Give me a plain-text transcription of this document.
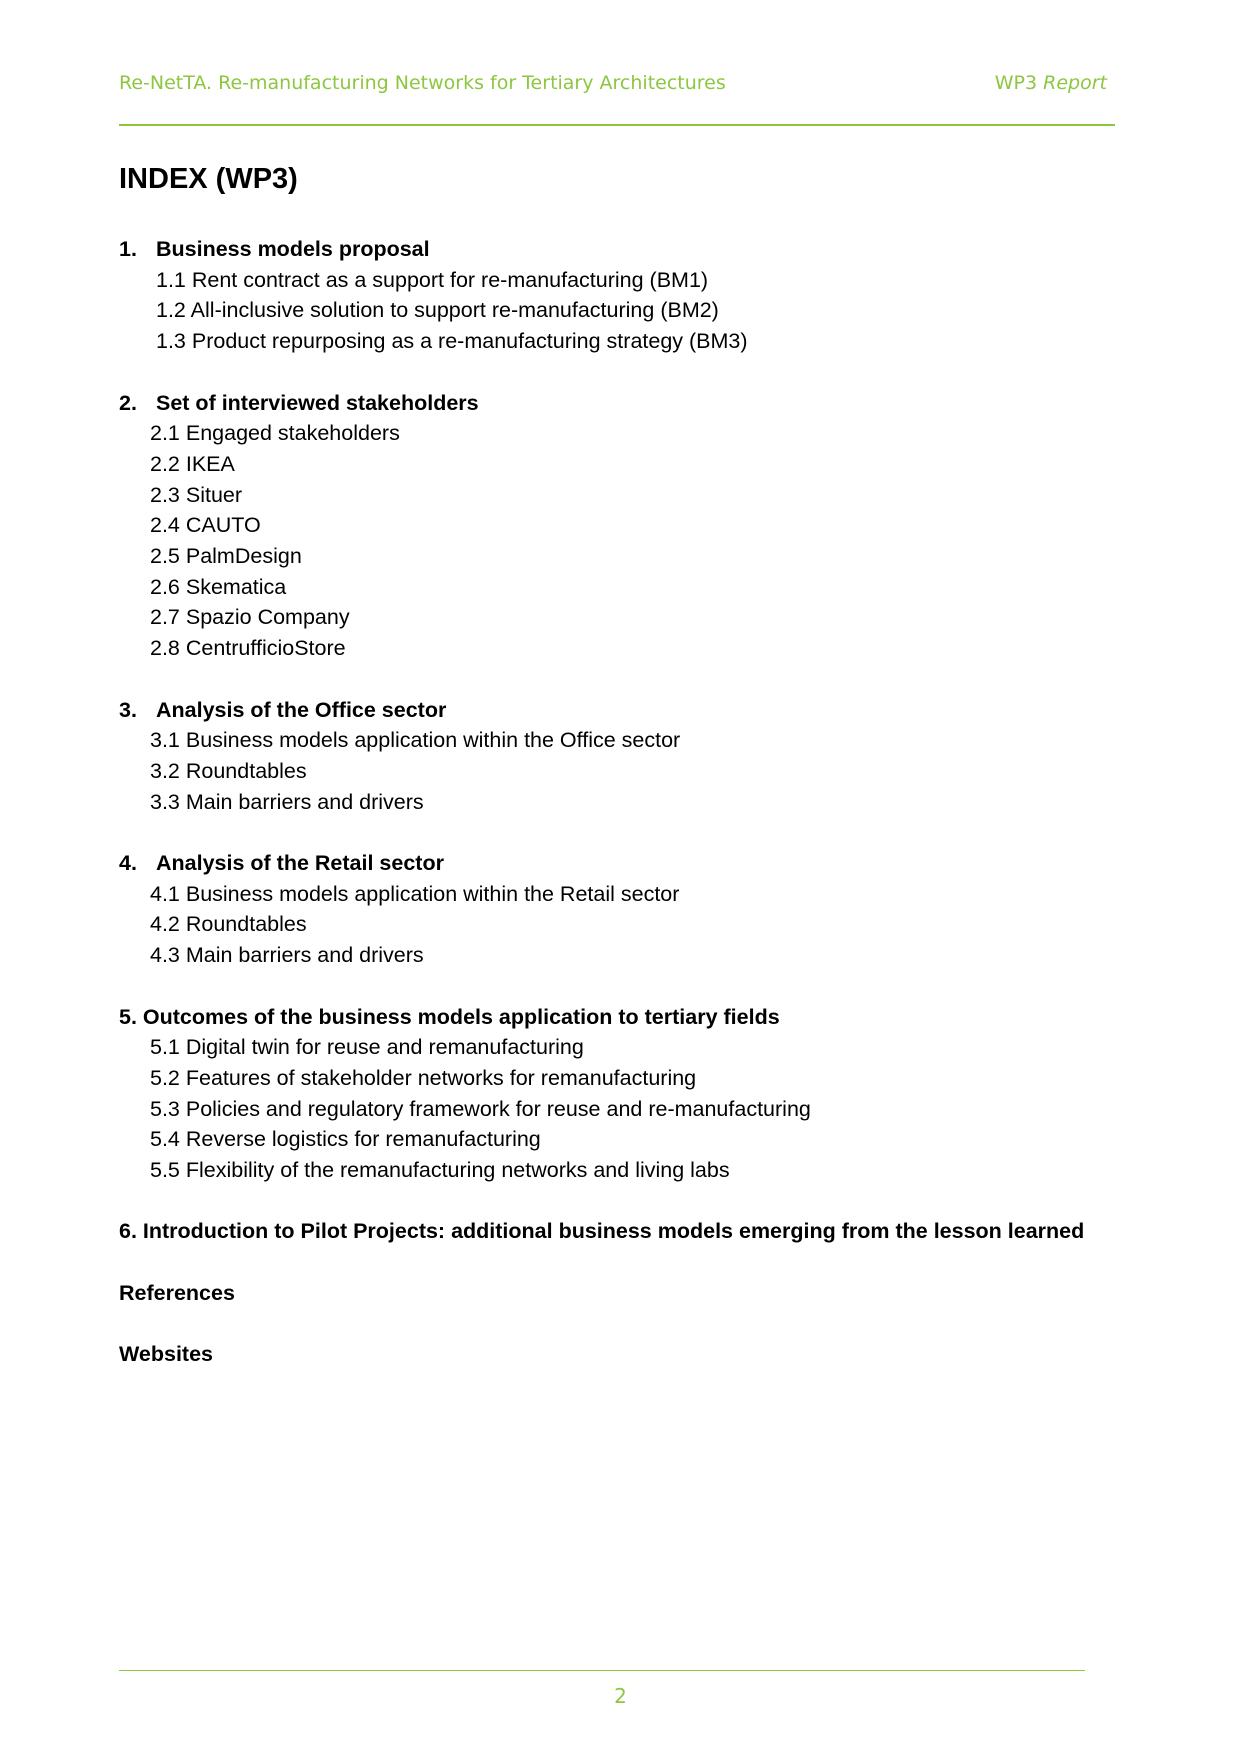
Re-NetTA. Re-manufacturing Networks for Tertiary Architectures	WP3 Report
INDEX (WP3)
1. Business models proposal
1.1 Rent contract as a support for re-manufacturing (BM1)
1.2 All-inclusive solution to support re-manufacturing (BM2)
1.3 Product repurposing as a re-manufacturing strategy (BM3)
2. Set of interviewed stakeholders
2.1 Engaged stakeholders
2.2 IKEA
2.3 Situer
2.4 CAUTO
2.5 PalmDesign
2.6 Skematica
2.7 Spazio Company
2.8 CentrufficioStore
3. Analysis of the Office sector
3.1 Business models application within the Office sector
3.2 Roundtables
3.3 Main barriers and drivers
4. Analysis of the Retail sector
4.1 Business models application within the Retail sector
4.2 Roundtables
4.3 Main barriers and drivers
5. Outcomes of the business models application to tertiary fields
5.1 Digital twin for reuse and remanufacturing
5.2 Features of stakeholder networks for remanufacturing
5.3 Policies and regulatory framework for reuse and re-manufacturing
5.4 Reverse logistics for remanufacturing
5.5 Flexibility of the remanufacturing networks and living labs
6. Introduction to Pilot Projects: additional business models emerging from the lesson learned
References
Websites
2
